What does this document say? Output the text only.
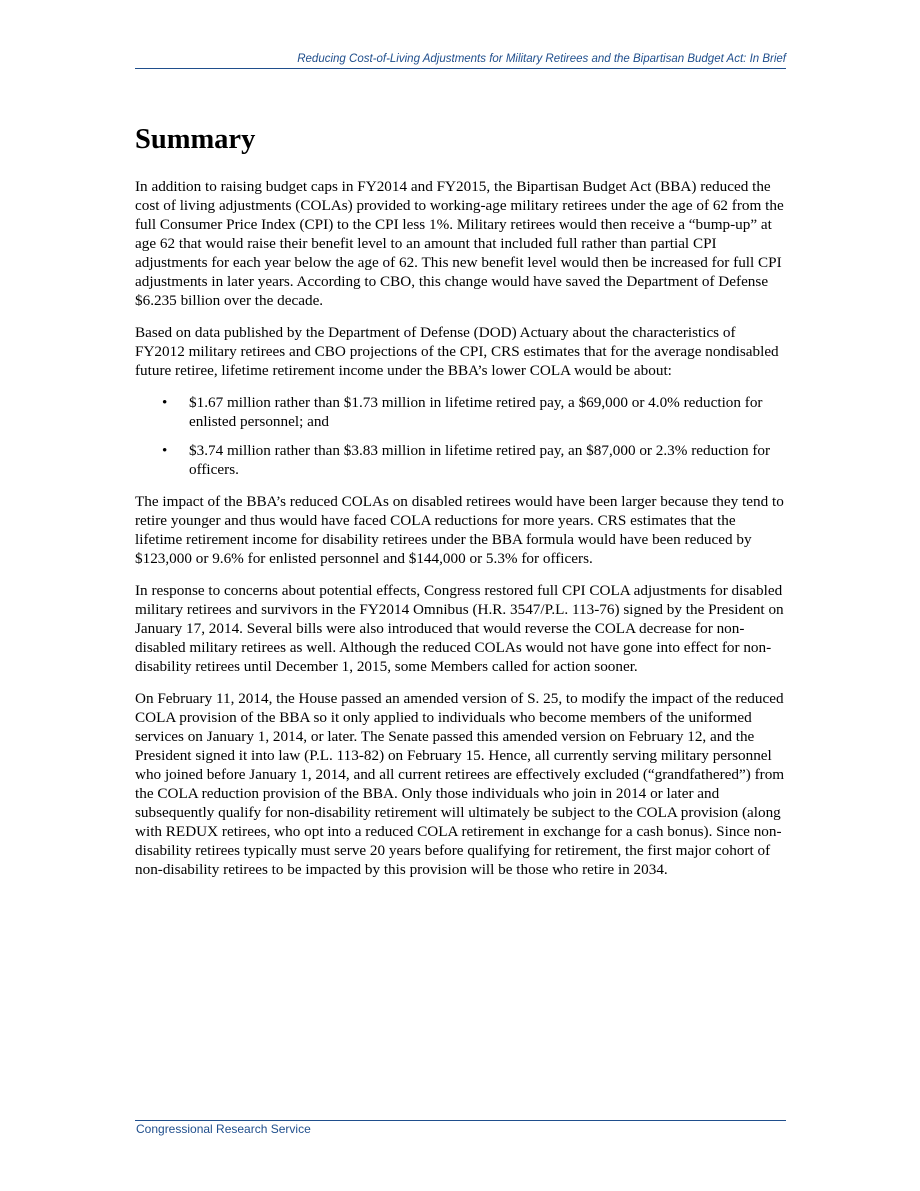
Reducing Cost-of-Living Adjustments for Military Retirees and the Bipartisan Budget Act: In Brief
Summary

In addition to raising budget caps in FY2014 and FY2015, the Bipartisan Budget Act (BBA) reduced the cost of living adjustments (COLAs) provided to working-age military retirees under the age of 62 from the full Consumer Price Index (CPI) to the CPI less 1%. Military retirees would then receive a “bump-up” at age 62 that would raise their benefit level to an amount that included full rather than partial CPI adjustments for each year below the age of 62. This new benefit level would then be increased for full CPI adjustments in later years. According to CBO, this change would have saved the Department of Defense $6.235 billion over the decade.

Based on data published by the Department of Defense (DOD) Actuary about the characteristics of FY2012 military retirees and CBO projections of the CPI, CRS estimates that for the average nondisabled future retiree, lifetime retirement income under the BBA’s lower COLA would be about:

• $1.67 million rather than $1.73 million in lifetime retired pay, a $69,000 or 4.0% reduction for enlisted personnel; and
• $3.74 million rather than $3.83 million in lifetime retired pay, an $87,000 or 2.3% reduction for officers.

The impact of the BBA’s reduced COLAs on disabled retirees would have been larger because they tend to retire younger and thus would have faced COLA reductions for more years. CRS estimates that the lifetime retirement income for disability retirees under the BBA formula would have been reduced by $123,000 or 9.6% for enlisted personnel and $144,000 or 5.3% for officers.

In response to concerns about potential effects, Congress restored full CPI COLA adjustments for disabled military retirees and survivors in the FY2014 Omnibus (H.R. 3547/P.L. 113-76) signed by the President on January 17, 2014. Several bills were also introduced that would reverse the COLA decrease for non-disabled military retirees as well. Although the reduced COLAs would not have gone into effect for non-disability retirees until December 1, 2015, some Members called for action sooner.

On February 11, 2014, the House passed an amended version of S. 25, to modify the impact of the reduced COLA provision of the BBA so it only applied to individuals who become members of the uniformed services on January 1, 2014, or later. The Senate passed this amended version on February 12, and the President signed it into law (P.L. 113-82) on February 15. Hence, all currently serving military personnel who joined before January 1, 2014, and all current retirees are effectively excluded (“grandfathered”) from the COLA reduction provision of the BBA. Only those individuals who join in 2014 or later and subsequently qualify for non-disability retirement will ultimately be subject to the COLA provision (along with REDUX retirees, who opt into a reduced COLA retirement in exchange for a cash bonus). Since non-disability retirees typically must serve 20 years before qualifying for retirement, the first major cohort of non-disability retirees to be impacted by this provision will be those who retire in 2034.

Congressional Research Service
